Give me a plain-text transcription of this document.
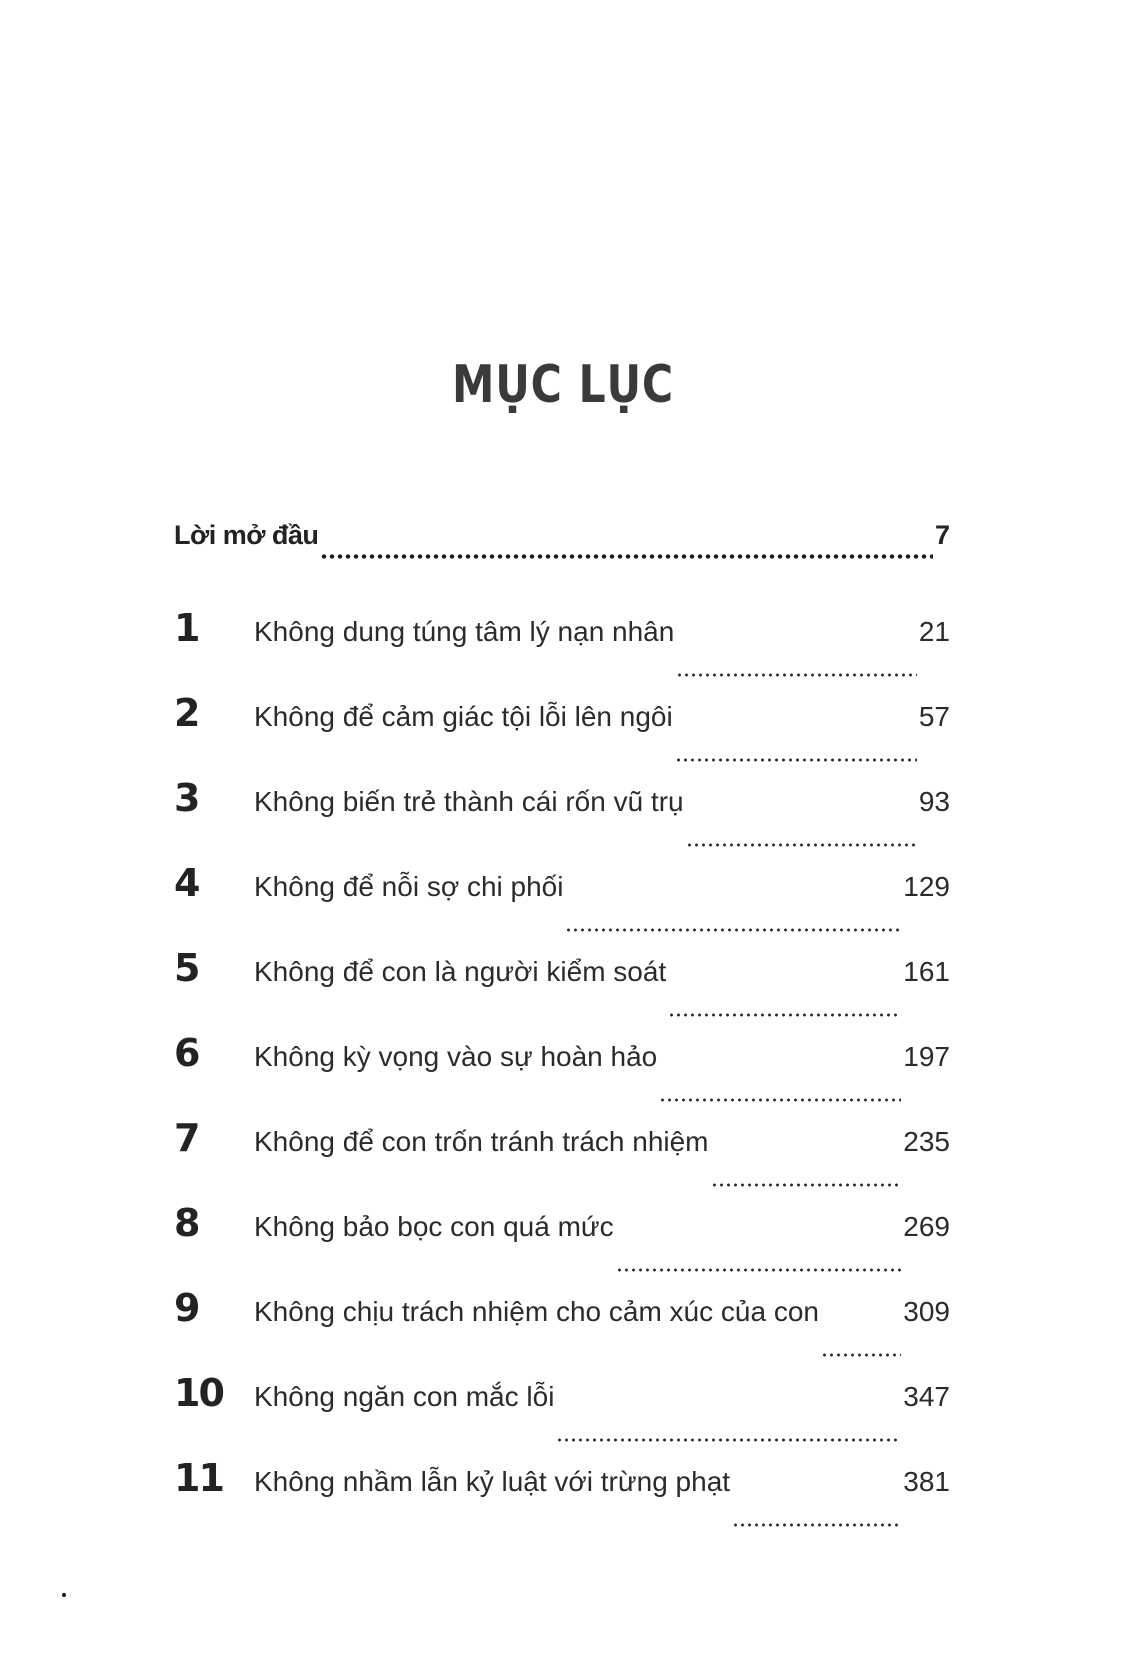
MỤC LỤC
Lời mở đầu	7
1	Không dung túng tâm lý nạn nhân	21
2	Không để cảm giác tội lỗi lên ngôi	57
3	Không biến trẻ thành cái rốn vũ trụ	93
4	Không để nỗi sợ chi phối	129
5	Không để con là người kiểm soát	161
6	Không kỳ vọng vào sự hoàn hảo	197
7	Không để con trốn tránh trách nhiệm	235
8	Không bảo bọc con quá mức	269
9	Không chịu trách nhiệm cho cảm xúc của con	309
10	Không ngăn con mắc lỗi	347
11	Không nhầm lẫn kỷ luật với trừng phạt	381
